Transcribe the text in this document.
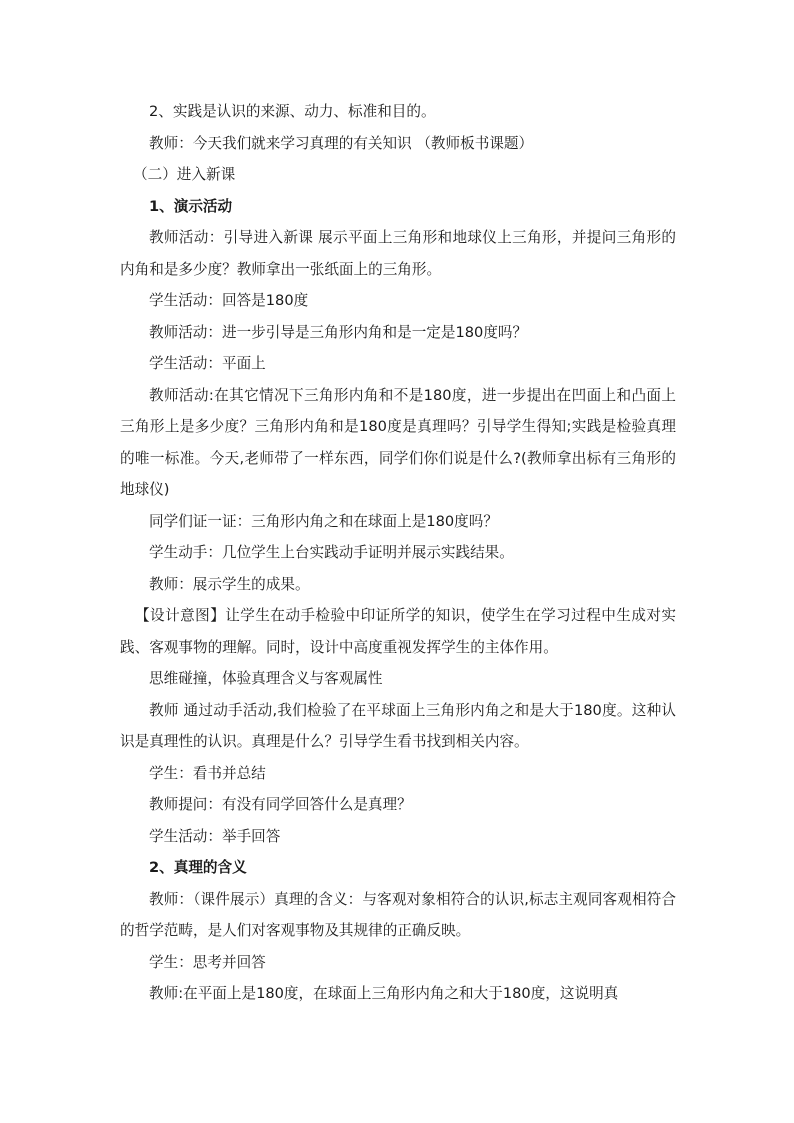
2、实践是认识的来源、动力、标准和目的。

教师：今天我们就来学习真理的有关知识 （教师板书课题）

（二）进入新课

1、演示活动

教师活动：引导进入新课 展示平面上三角形和地球仪上三角形，并提问三角形的内角和是多少度？教师拿出一张纸面上的三角形。

学生活动：回答是180度

教师活动：进一步引导是三角形内角和是一定是180度吗？

学生活动：平面上

教师活动:在其它情况下三角形内角和不是180度，进一步提出在凹面上和凸面上三角形上是多少度？三角形内角和是180度是真理吗？引导学生得知;实践是检验真理的唯一标准。今天,老师带了一样东西，同学们你们说是什么?(教师拿出标有三角形的地球仪)

同学们证一证：三角形内角之和在球面上是180度吗？

学生动手：几位学生上台实践动手证明并展示实践结果。

教师：展示学生的成果。

【设计意图】让学生在动手检验中印证所学的知识，使学生在学习过程中生成对实践、客观事物的理解。同时，设计中高度重视发挥学生的主体作用。

思维碰撞，体验真理含义与客观属性

教师 通过动手活动,我们检验了在平球面上三角形内角之和是大于180度。这种认识是真理性的认识。真理是什么？引导学生看书找到相关内容。

学生：看书并总结

教师提问：有没有同学回答什么是真理？

学生活动：举手回答

2、真理的含义

教师：（课件展示）真理的含义：与客观对象相符合的认识,标志主观同客观相符合的哲学范畴，是人们对客观事物及其规律的正确反映。

学生：思考并回答

教师:在平面上是180度，在球面上三角形内角之和大于180度，这说明真
